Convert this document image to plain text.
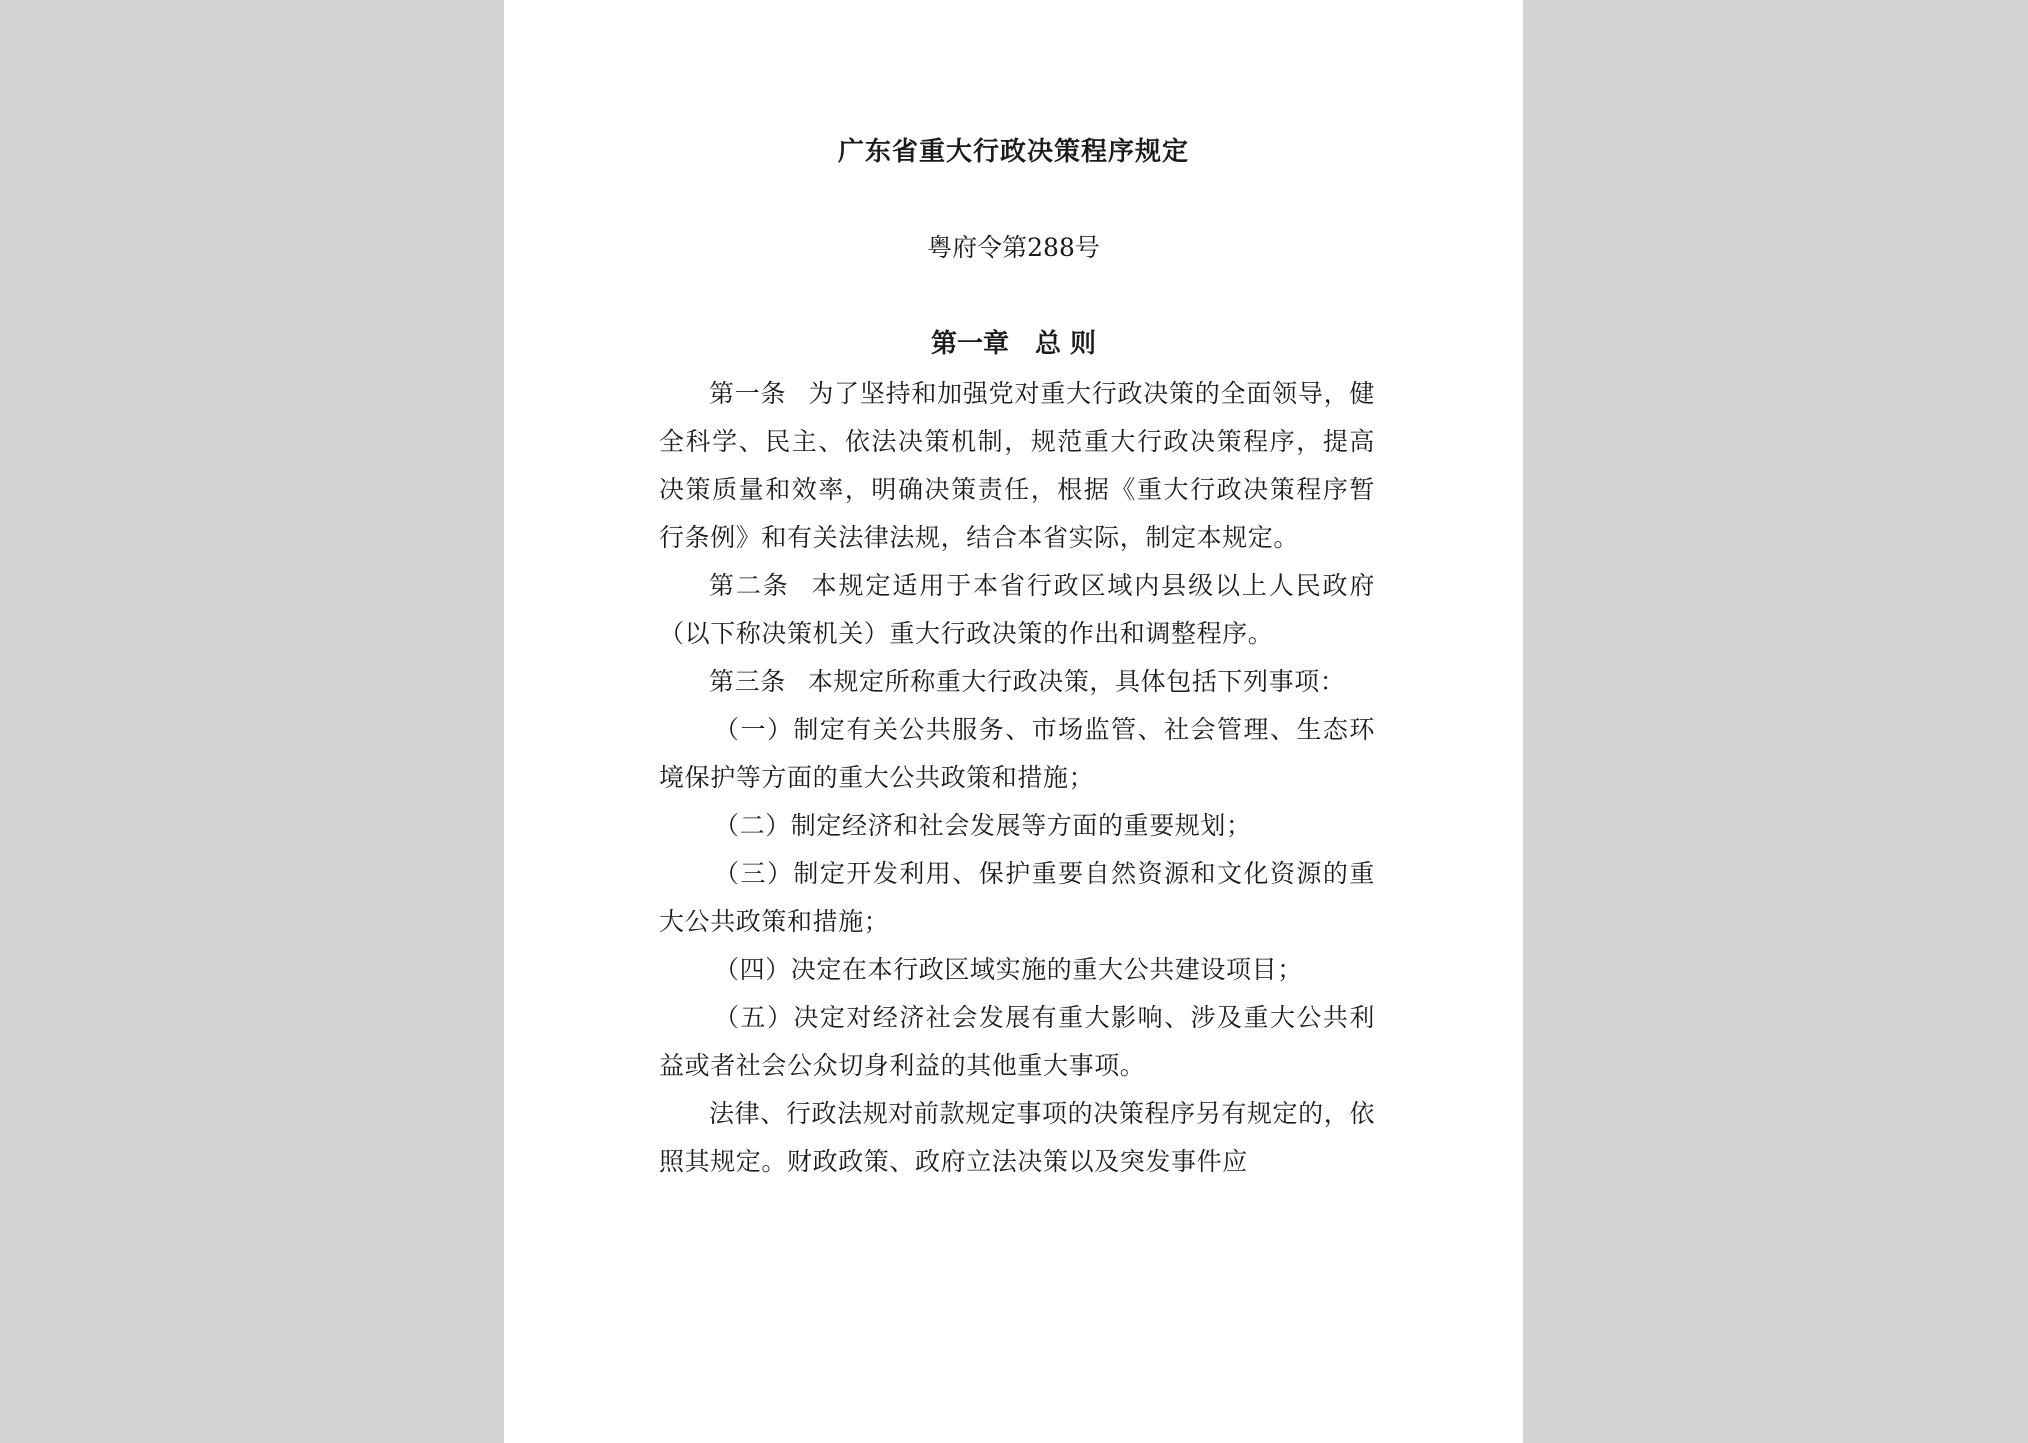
广东省重大行政决策程序规定
粤府令第288号
第一章　总 则

第一条 为了坚持和加强党对重大行政决策的全面领导，健全科学、民主、依法决策机制，规范重大行政决策程序，提高决策质量和效率，明确决策责任，根据《重大行政决策程序暂行条例》和有关法律法规，结合本省实际，制定本规定。

第二条 本规定适用于本省行政区域内县级以上人民政府（以下称决策机关）重大行政决策的作出和调整程序。

第三条 本规定所称重大行政决策，具体包括下列事项：

（一）制定有关公共服务、市场监管、社会管理、生态环境保护等方面的重大公共政策和措施；

（二）制定经济和社会发展等方面的重要规划；

（三）制定开发利用、保护重要自然资源和文化资源的重大公共政策和措施；

（四）决定在本行政区域实施的重大公共建设项目；

（五）决定对经济社会发展有重大影响、涉及重大公共利益或者社会公众切身利益的其他重大事项。

法律、行政法规对前款规定事项的决策程序另有规定的，依照其规定。财政政策、政府立法决策以及突发事件应
